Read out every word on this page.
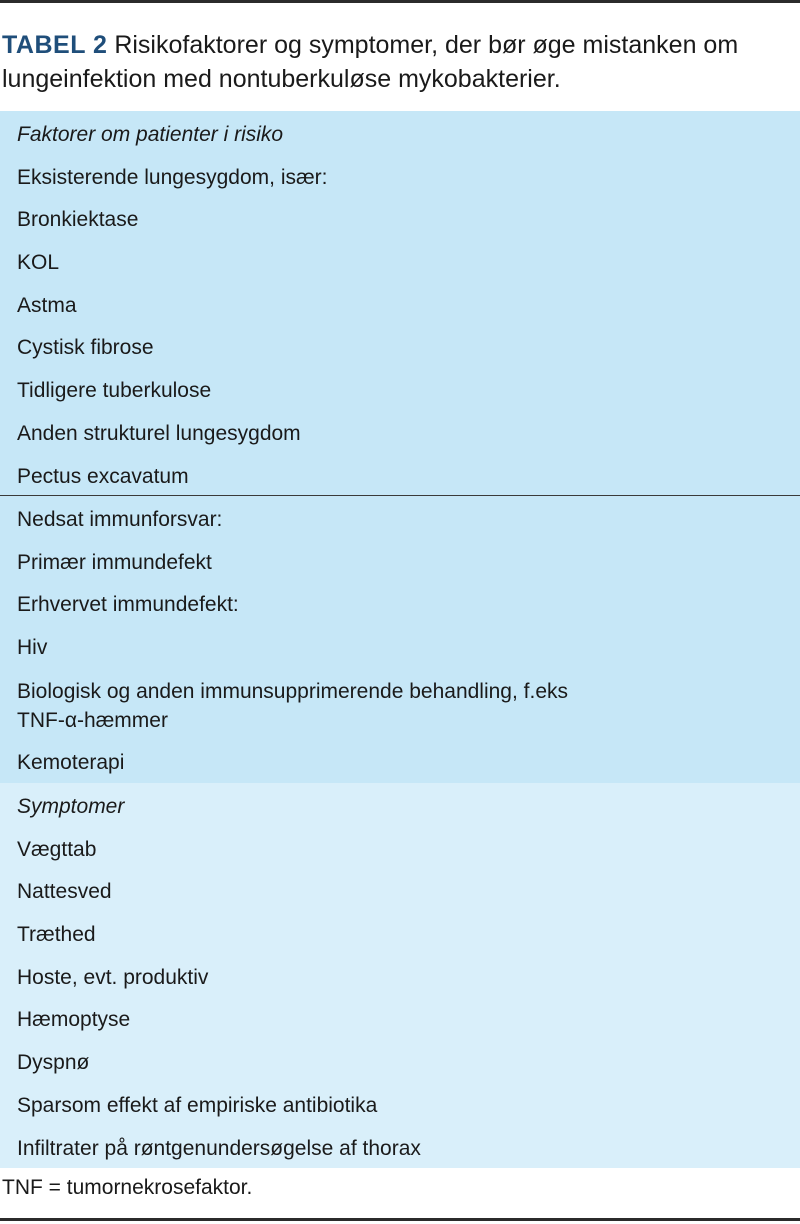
TABEL 2 Risikofaktorer og symptomer, der bør øge mistanken om lungeinfektion med nontuberkuløse mykobakterier.
Faktorer om patienter i risiko
Eksisterende lungesygdom, især:
Bronkiektase
KOL
Astma
Cystisk fibrose
Tidligere tuberkulose
Anden strukturel lungesygdom
Pectus excavatum
Nedsat immunforsvar:
Primær immundefekt
Erhvervet immundefekt:
Hiv
Biologisk og anden immunsupprimerende behandling, f.eks TNF-α-hæmmer
Kemoterapi
Symptomer
Vægttab
Nattesved
Træthed
Hoste, evt. produktiv
Hæmoptyse
Dyspnø
Sparsom effekt af empiriske antibiotika
Infiltrater på røntgenundersøgelse af thorax
TNF = tumornekrosefaktor.
